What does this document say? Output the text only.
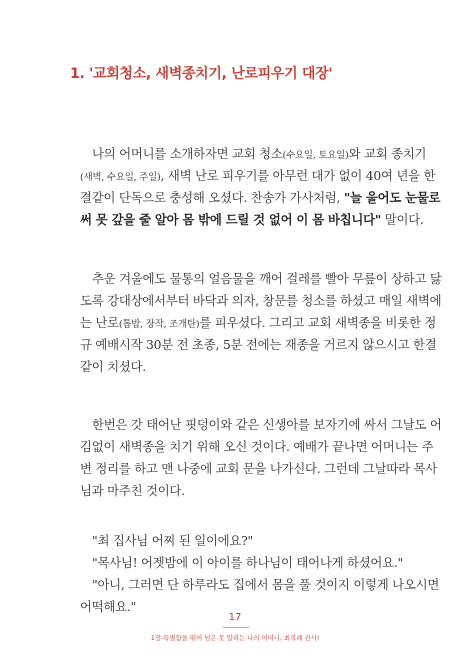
1. '교회청소, 새벽종치기, 난로피우기 대장'
나의 어머니를 소개하자면 교회 청소(수요일, 토요일)와 교회 종치기
(새벽, 수요일, 주일), 새벽 난로 피우기를 아무런 대가 없이 40여 년을 한
결같이 단독으로 충성해 오셨다. 찬송가 가사처럼, "늘 울어도 눈물로
써 못 갚을 줄 알아 몸 밖에 드릴 것 없어 이 몸 바칩니다" 말이다.
추운 겨울에도 물통의 얼음물을 깨어 걸레를 빨아 무릎이 상하고 닳
도록 강대상에서부터 바닥과 의자, 창문를 청소를 하셨고 매일 새벽에
는 난로(톱밥, 장작, 조개탄)를 피우셨다. 그리고 교회 새벽종을 비롯한 정
규 예배시작 30분 전 초종, 5분 전에는 재종을 거르지 않으시고 한결
같이 치셨다.
한번은 갓 태어난 핏덩이와 같은 신생아를 보자기에 싸서 그날도 어
김없이 새벽종을 치기 위해 오신 것이다. 예배가 끝나면 어머니는 주
변 정리를 하고 맨 나중에 교회 문을 나가신다. 그런데 그날따라 목사
님과 마주친 것이다.
"최 집사님 어찌 된 일이에요?"
"목사님! 어젯밤에 이 아이를 하나님이 태어나게 하셨어요."
"아니, 그러면 단 하루라도 집에서 몸을 풀 것이지 이렇게 나오시면
어떡해요."
17
1장-특별함을 뛰어 넘은 못 말리는 나의 어머니, 최복례 권사!
